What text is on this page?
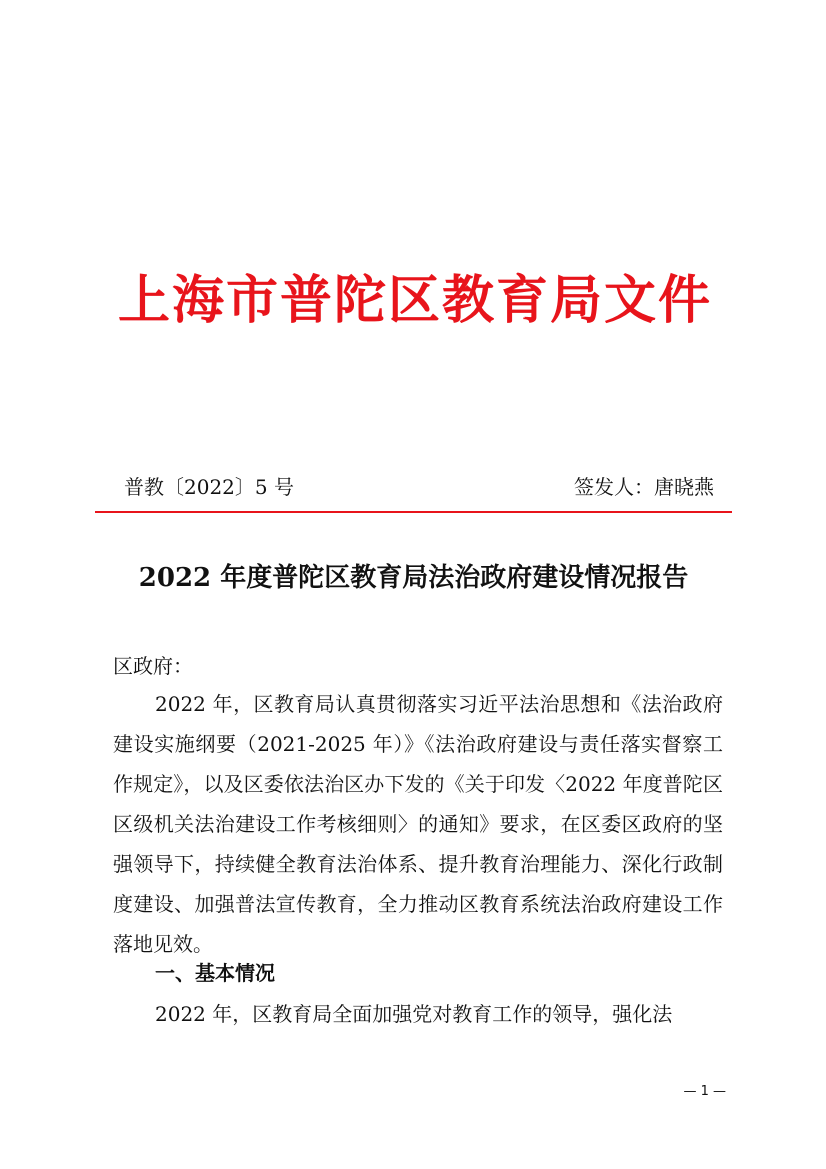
上海市普陀区教育局文件
普教〔2022〕5 号	签发人：唐晓燕
2022 年度普陀区教育局法治政府建设情况报告
区政府：
2022 年，区教育局认真贯彻落实习近平法治思想和《法治政府建设实施纲要（2021-2025 年）》《法治政府建设与责任落实督察工作规定》，以及区委依法治区办下发的《关于印发〈2022 年度普陀区区级机关法治建设工作考核细则〉的通知》要求，在区委区政府的坚强领导下，持续健全教育法治体系、提升教育治理能力、深化行政制度建设、加强普法宣传教育，全力推动区教育系统法治政府建设工作落地见效。
一、基本情况
2022 年，区教育局全面加强党对教育工作的领导，强化法
— 1 —
